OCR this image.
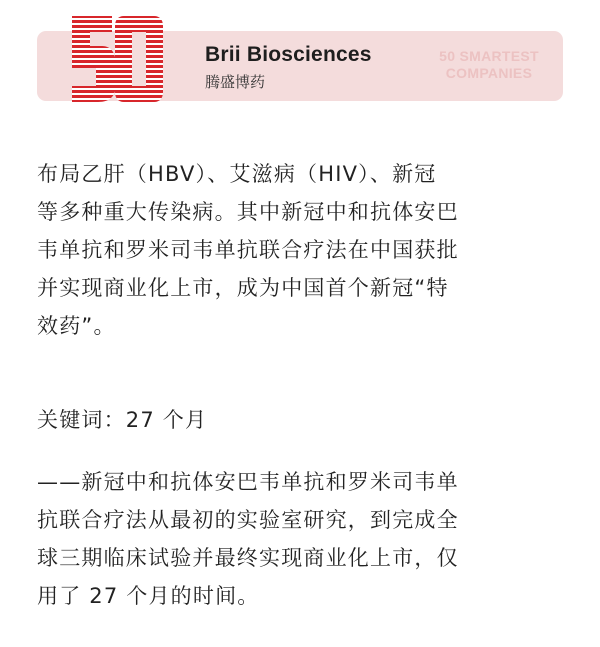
Brii Biosciences
腾盛博药
50 SMARTEST
COMPANIES
布局乙肝（HBV）、艾滋病（HIV）、新冠
等多种重大传染病。其中新冠中和抗体安巴
韦单抗和罗米司韦单抗联合疗法在中国获批
并实现商业化上市，成为中国首个新冠“特
效药”。
关键词：27 个月
——新冠中和抗体安巴韦单抗和罗米司韦单
抗联合疗法从最初的实验室研究，到完成全
球三期临床试验并最终实现商业化上市，仅
用了 27 个月的时间。
